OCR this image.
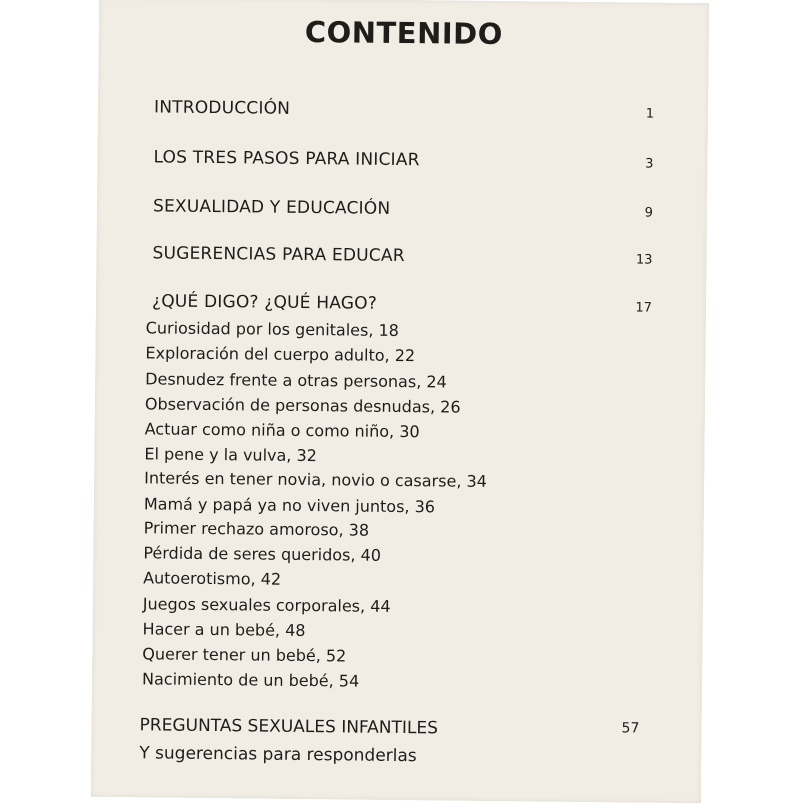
CONTENIDO
INTRODUCCIÓN	1
LOS TRES PASOS PARA INICIAR	3
SEXUALIDAD Y EDUCACIÓN	9
SUGERENCIAS PARA EDUCAR	13
¿QUÉ DIGO? ¿QUÉ HAGO?	17
Curiosidad por los genitales, 18
Exploración del cuerpo adulto, 22
Desnudez frente a otras personas, 24
Observación de personas desnudas, 26
Actuar como niña o como niño, 30
El pene y la vulva, 32
Interés en tener novia, novio o casarse, 34
Mamá y papá ya no viven juntos, 36
Primer rechazo amoroso, 38
Pérdida de seres queridos, 40
Autoerotismo, 42
Juegos sexuales corporales, 44
Hacer a un bebé, 48
Querer tener un bebé, 52
Nacimiento de un bebé, 54
PREGUNTAS SEXUALES INFANTILES	57
Y sugerencias para responderlas
